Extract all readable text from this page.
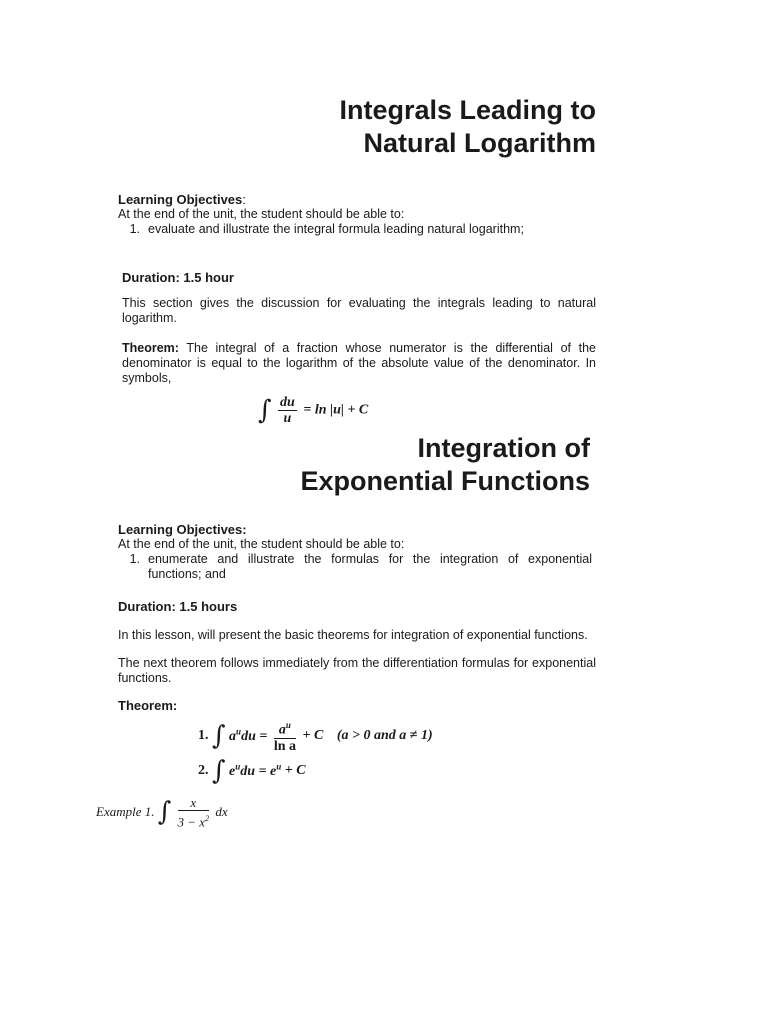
Integrals Leading to
Natural Logarithm
Learning Objectives:
At the end of the unit, the student should be able to:
1. evaluate and illustrate the integral formula leading natural logarithm;
Duration: 1.5 hour
This section gives the discussion for evaluating the integrals leading to natural logarithm.
Theorem: The integral of a fraction whose numerator is the differential of the denominator is equal to the logarithm of the absolute value of the denominator. In symbols,
∫ $\frac{du}{u} = \ln |u| + C$
Integration of
Exponential Functions
Learning Objectives:
At the end of the unit, the student should be able to:
1. enumerate and illustrate the formulas for the integration of exponential functions; and
Duration: 1.5 hours
In this lesson, will present the basic theorems for integration of exponential functions.
The next theorem follows immediately from the differentiation formulas for exponential functions.
Theorem:
1. ∫ $a^udu = \frac{a^u}{\text{ln a}} + C$ (a > 0 and a ≠ 1)
2. ∫ $e^udu = e^u + C$
Example 1. ∫ $\frac{x}{3 - x^2}$ dx
